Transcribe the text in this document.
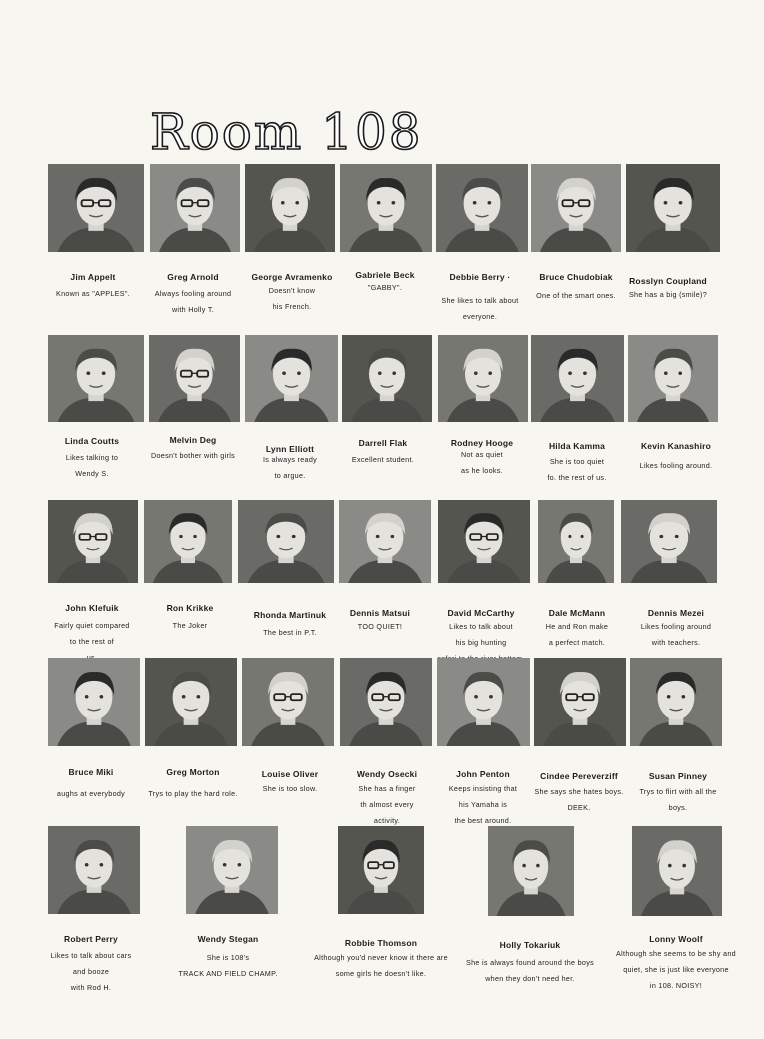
Room 108
Jim Appelt
Known as "APPLES".
Greg Arnold
Always fooling around
with Holly T.
George Avramenko
Doesn't know
his French.
Gabriele Beck
"GABBY".
Debbie Berry ·
She likes to talk about
everyone.
Bruce Chudobiak
One of the smart ones.
Rosslyn Coupland
She has a big (smile)?
Linda Coutts
Likes talking to
Wendy S.
Melvin Deg
Doesn't bother with girls
Lynn Elliott
Is always ready
to argue.
Darrell Flak
Excellent student.
Rodney Hooge
Not as quiet
as he looks.
Hilda Kamma
She is too quiet
fo. the rest of us.
Kevin Kanashiro
Likes fooling around.
John Klefuik
Fairly quiet compared
to the rest of
Ron Krikke
The Joker
Rhonda Martinuk
The best in P.T.
Dennis Matsui
TOO QUIET!
David McCarthy
Likes to talk about
his big hunting
Dale McMann
He and Ron make
a perfect match.
Dennis Mezei
Likes fooling around
with teachers.
Bruce Miki
aughs at everybody
Greg Morton
Trys to play the hard role.
Louise Oliver
She is too slow.
Wendy Osecki
She has a finger
th almost every
activity.
John Penton
Keeps insisting that
his Yamaha is
the best around.
Cindee Pereverziff
She says she hates boys.
DEEK.
Susan Pinney
Trys to flirt with all the
boys.
Robert Perry
Likes to talk about cars
and booze
with Rod H.
Wendy Stegan
She is 108's
TRACK AND FIELD CHAMP.
Robbie Thomson
Although you'd never know it there are
some girls he doesn't like.
Holly Tokariuk
She is always found around the boys
when they don't need her.
Lonny Woolf
Although she seems to be shy and
quiet, she is just like everyone
in 108. NOISY!
